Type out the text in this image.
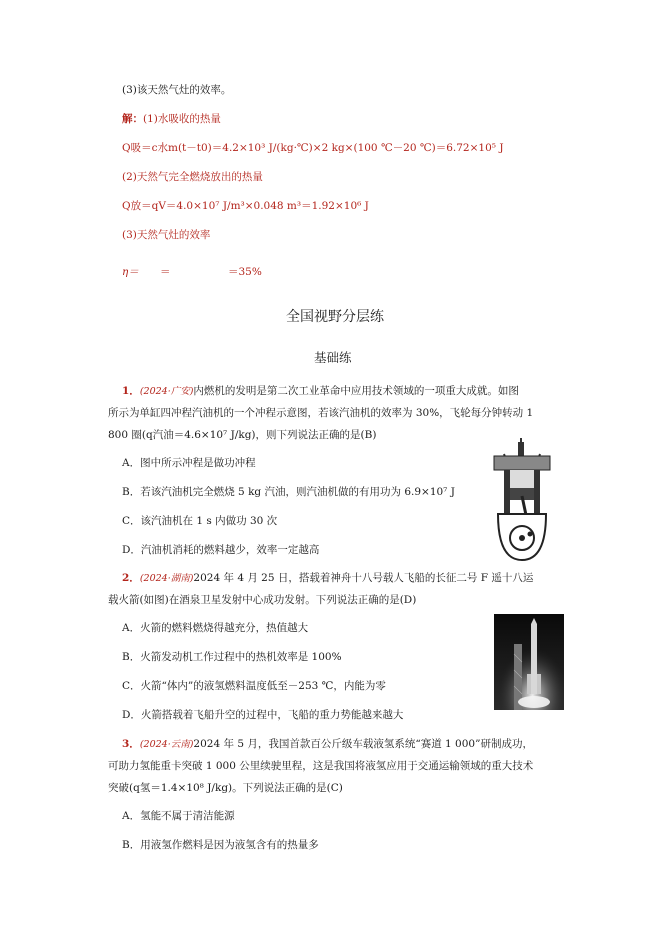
(3)该天然气灶的效率。
解：(1)水吸收的热量
Q吸＝c水m(t－t0)＝4.2×10³ J/(kg·℃)×2 kg×(100 ℃－20 ℃)＝6.72×10⁵ J
(2)天然气完全燃烧放出的热量
Q放＝qV＝4.0×10⁷ J/m³×0.048 m³＝1.92×10⁶ J
(3)天然气灶的效率
η＝ ＝	＝35%
全国视野分层练
基础练
1．(2024·广安)内燃机的发明是第二次工业革命中应用技术领域的一项重大成就。如图
所示为单缸四冲程汽油机的一个冲程示意图，若该汽油机的效率为 30%，飞轮每分钟转动 1
800 圈(q汽油＝4.6×10⁷ J/kg)，则下列说法正确的是(B)
A．图中所示冲程是做功冲程
B．若该汽油机完全燃烧 5 kg 汽油，则汽油机做的有用功为 6.9×10⁷ J
C．该汽油机在 1 s 内做功 30 次
D．汽油机消耗的燃料越少，效率一定越高
2．(2024·湖南)2024 年 4 月 25 日，搭载着神舟十八号载人飞船的长征二号 F 遥十八运
载火箭(如图)在酒泉卫星发射中心成功发射。下列说法正确的是(D)
A．火箭的燃料燃烧得越充分，热值越大
B．火箭发动机工作过程中的热机效率是 100%
C．火箭“体内”的液氢燃料温度低至－253 ℃，内能为零
D．火箭搭载着飞船升空的过程中，飞船的重力势能越来越大
3．(2024·云南)2024 年 5 月，我国首款百公斤级车载液氢系统“赛道 1 000”研制成功，
可助力氢能重卡突破 1 000 公里续驶里程，这是我国将液氢应用于交通运输领域的重大技术
突破(q氢＝1.4×10⁸ J/kg)。下列说法正确的是(C)
A．氢能不属于清洁能源
B．用液氢作燃料是因为液氢含有的热量多
